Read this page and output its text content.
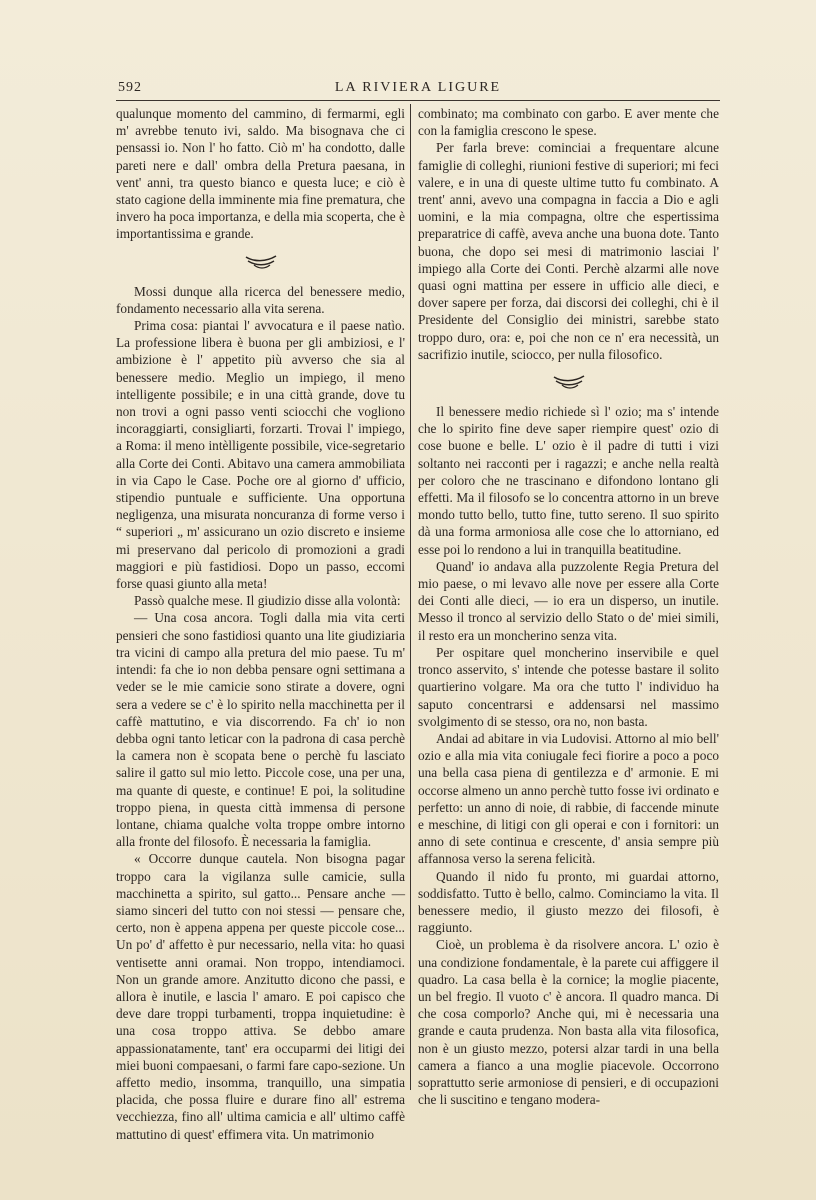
592	LA RIVIERA LIGURE

qualunque momento del cammino, di fermarmi, egli m' avrebbe tenuto ivi, saldo. Ma bisognava che ci pensassi io. Non l' ho fatto. Ciò m' ha condotto, dalle pareti nere e dall' ombra della Pretura paesana, in vent' anni, tra questo bianco e questa luce; e ciò è stato cagione della imminente mia fine prematura, che invero ha poca importanza, e della mia scoperta, che è importantissima e grande.

Mossi dunque alla ricerca del benessere medio, fondamento necessario alla vita serena.

Prima cosa: piantai l' avvocatura e il paese natìo. La professione libera è buona per gli ambiziosi, e l' ambizione è l' appetito più avverso che sia al benessere medio. Meglio un impiego, il meno intelligente possibile; e in una città grande, dove tu non trovi a ogni passo venti sciocchi che vogliono incoraggiarti, consigliarti, forzarti. Trovai l' impiego, a Roma: il meno intèlligente possibile, vice-segretario alla Corte dei Conti. Abitavo una camera ammobiliata in via Capo le Case. Poche ore al giorno d' ufficio, stipendio puntuale e sufficiente. Una opportuna negligenza, una misurata noncuranza di forme verso i “ superiori „ m' assicurano un ozio discreto e insieme mi preservano dal pericolo di promozioni a gradi maggiori e più fastidiosi. Dopo un passo, eccomi forse quasi giunto alla meta!

Passò qualche mese. Il giudizio disse alla volontà:

— Una cosa ancora. Togli dalla mia vita certi pensieri che sono fastidiosi quanto una lite giudiziaria tra vicini di campo alla pretura del mio paese. Tu m' intendi: fa che io non debba pensare ogni settimana a veder se le mie camicie sono stirate a dovere, ogni sera a vedere se c' è lo spirito nella macchinetta per il caffè mattutino, e via discorrendo. Fa ch' io non debba ogni tanto leticar con la padrona di casa perchè la camera non è scopata bene o perchè fu lasciato salire il gatto sul mio letto. Piccole cose, una per una, ma quante di queste, e continue! E poi, la solitudine troppo piena, in questa città immensa di persone lontane, chiama qualche volta troppe ombre intorno alla fronte del filosofo. È necessaria la famiglia.

« Occorre dunque cautela. Non bisogna pagar troppo cara la vigilanza sulle camicie, sulla macchinetta a spirito, sul gatto... Pensare anche — siamo sinceri del tutto con noi stessi — pensare che, certo, non è appena appena per queste piccole cose... Un po' d' affetto è pur necessario, nella vita: ho quasi ventisette anni oramai. Non troppo, intendiamoci. Non un grande amore. Anzitutto dicono che passi, e allora è inutile, e lascia l' amaro. E poi capisco che deve dare troppi turbamenti, troppa inquietudine: è una cosa troppo attiva. Se debbo amare appassionatamente, tant' era occuparmi dei litigi dei miei buoni compaesani, o farmi fare capo-sezione. Un affetto medio, insomma, tranquillo, una simpatia placida, che possa fluire e durare fino all' estrema vecchiezza, fino all' ultima camicia e all' ultimo caffè mattutino di quest' effimera vita. Un matrimonio

combinato; ma combinato con garbo. E aver mente che con la famiglia crescono le spese.

Per farla breve: cominciai a frequentare alcune famiglie di colleghi, riunioni festive di superiori; mi feci valere, e in una di queste ultime tutto fu combinato. A trent' anni, avevo una compagna in faccia a Dio e agli uomini, e la mia compagna, oltre che espertissima preparatrice di caffè, aveva anche una buona dote. Tanto buona, che dopo sei mesi di matrimonio lasciai l' impiego alla Corte dei Conti. Perchè alzarmi alle nove quasi ogni mattina per essere in ufficio alle dieci, e dover sapere per forza, dai discorsi dei colleghi, chi è il Presidente del Consiglio dei ministri, sarebbe stato troppo duro, ora: e, poi che non ce n' era necessità, un sacrifizio inutile, sciocco, per nulla filosofico.

Il benessere medio richiede sì l' ozio; ma s' intende che lo spirito fine deve saper riempire quest' ozio di cose buone e belle. L' ozio è il padre di tutti i vizi soltanto nei racconti per i ragazzi; e anche nella realtà per coloro che ne trascinano e difondono lontano gli effetti. Ma il filosofo se lo concentra attorno in un breve mondo tutto bello, tutto fine, tutto sereno. Il suo spirito dà una forma armoniosa alle cose che lo attorniano, ed esse poi lo rendono a lui in tranquilla beatitudine.

Quand' io andava alla puzzolente Regia Pretura del mio paese, o mi levavo alle nove per essere alla Corte dei Conti alle dieci, — io era un disperso, un inutile. Messo il tronco al servizio dello Stato o de' miei simili, il resto era un moncherino senza vita.

Per ospitare quel moncherino inservibile e quel tronco asservito, s' intende che potesse bastare il solito quartierino volgare. Ma ora che tutto l' individuo ha saputo concentrarsi e addensarsi nel massimo svolgimento di se stesso, ora no, non basta.

Andai ad abitare in via Ludovisi. Attorno al mio bell' ozio e alla mia vita coniugale feci fiorire a poco a poco una bella casa piena di gentilezza e d' armonie. E mi occorse almeno un anno perchè tutto fosse ivi ordinato e perfetto: un anno di noie, di rabbie, di faccende minute e meschine, di litigi con gli operai e con i fornitori: un anno di sete continua e crescente, d' ansia sempre più affannosa verso la serena felicità.

Quando il nido fu pronto, mi guardai attorno, soddisfatto. Tutto è bello, calmo. Cominciamo la vita. Il benessere medio, il giusto mezzo dei filosofi, è raggiunto.

Cioè, un problema è da risolvere ancora. L' ozio è una condizione fondamentale, è la parete cui affiggere il quadro. La casa bella è la cornice; la moglie piacente, un bel fregio. Il vuoto c' è ancora. Il quadro manca. Di che cosa comporlo? Anche qui, mi è necessaria una grande e cauta prudenza. Non basta alla vita filosofica, non è un giusto mezzo, potersi alzar tardi in una bella camera a fianco a una moglie piacevole. Occorrono soprattutto serie armoniose di pensieri, e di occupazioni che li suscitino e tengano modera-
